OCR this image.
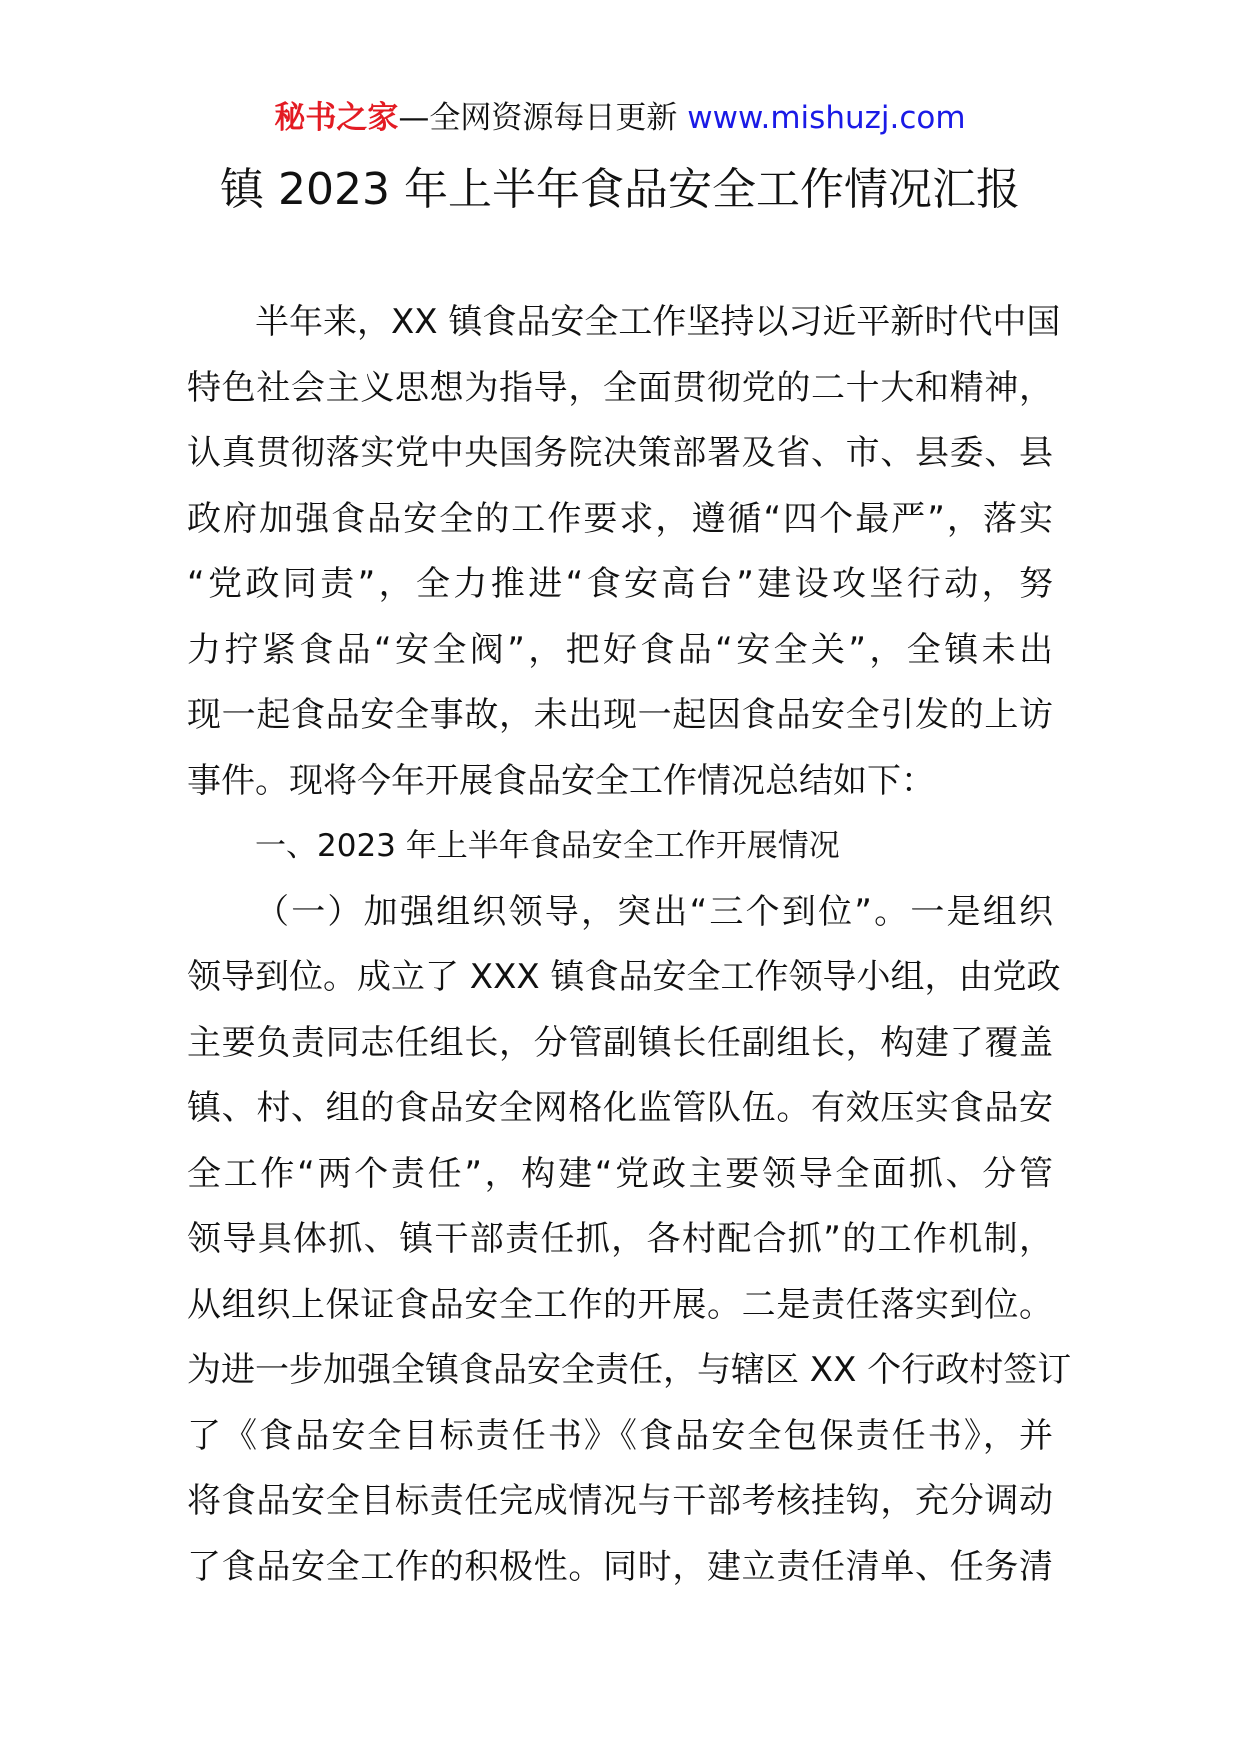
秘书之家—全网资源每日更新 www.mishuzj.com
镇 2023 年上半年食品安全工作情况汇报

半年来，XX 镇食品安全工作坚持以习近平新时代中国

特色社会主义思想为指导，全面贯彻党的二十大和精神，

认真贯彻落实党中央国务院决策部署及省、市、县委、县

政府加强食品安全的工作要求，遵循“四个最严”，落实

“党政同责”，全力推进“食安高台”建设攻坚行动，努

力拧紧食品“安全阀”，把好食品“安全关”，全镇未出

现一起食品安全事故，未出现一起因食品安全引发的上访

事件。现将今年开展食品安全工作情况总结如下：

一、2023 年上半年食品安全工作开展情况

（一）加强组织领导，突出“三个到位”。一是组织

领导到位。成立了 XXX 镇食品安全工作领导小组，由党政

主要负责同志任组长，分管副镇长任副组长，构建了覆盖

镇、村、组的食品安全网格化监管队伍。有效压实食品安

全工作“两个责任”，构建“党政主要领导全面抓、分管

领导具体抓、镇干部责任抓，各村配合抓”的工作机制，

从组织上保证食品安全工作的开展。二是责任落实到位。

为进一步加强全镇食品安全责任，与辖区 XX 个行政村签订

了《食品安全目标责任书》《食品安全包保责任书》，并

将食品安全目标责任完成情况与干部考核挂钩，充分调动

了食品安全工作的积极性。同时，建立责任清单、任务清
